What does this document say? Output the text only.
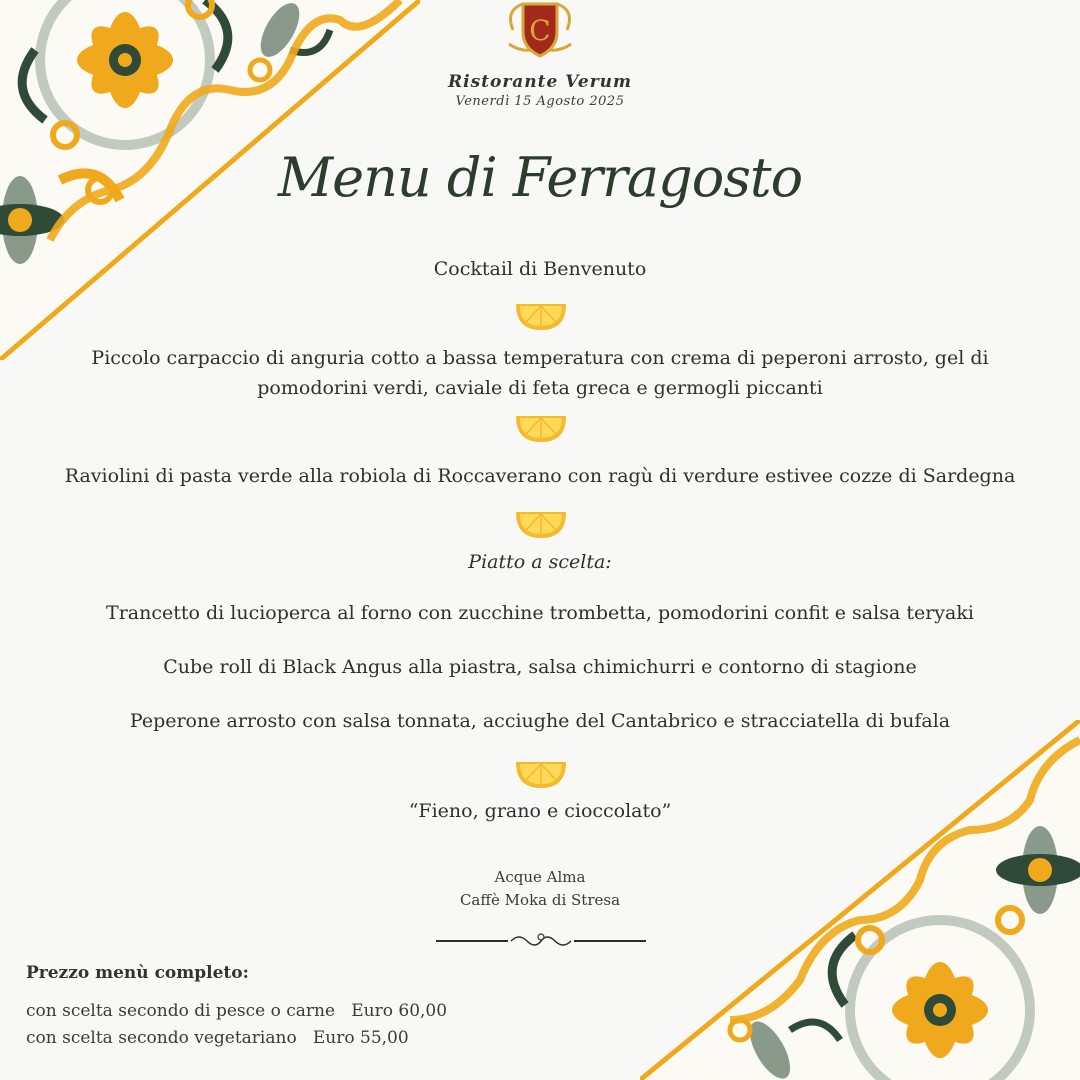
C
Ristorante Verum
Venerdì 15 Agosto 2025
Menu di Ferragosto
Cocktail di Benvenuto
Piccolo carpaccio di anguria cotto a bassa temperatura con crema di peperoni arrosto, gel di
pomodorini verdi, caviale di feta greca e germogli piccanti
Raviolini di pasta verde alla robiola di Roccaverano con ragù di verdure estivee cozze di Sardegna
Piatto a scelta:
Trancetto di lucioperca al forno con zucchine trombetta, pomodorini confit e salsa teryaki
Cube roll di Black Angus alla piastra, salsa chimichurri e contorno di stagione
Peperone arrosto con salsa tonnata, acciughe del Cantabrico e stracciatella di bufala
“Fieno, grano e cioccolato”
Acque Alma
Caffè Moka di Stresa
Prezzo menù completo:
con scelta secondo di pesce o carne   Euro 60,00
con scelta secondo vegetariano   Euro 55,00
